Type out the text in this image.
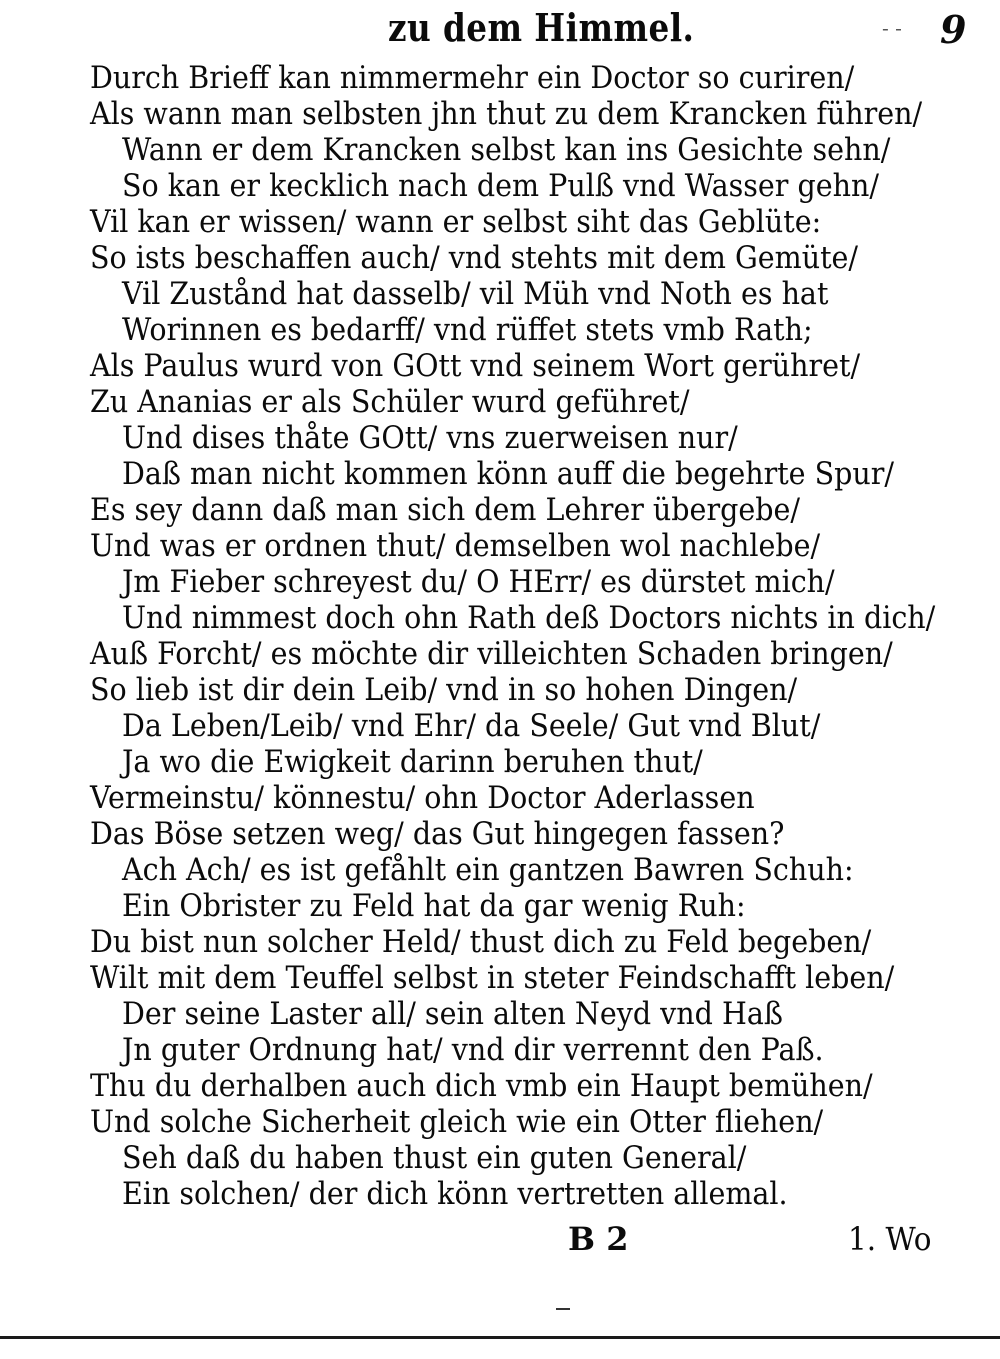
zu dem Himmel.	- - 9
Durch Brieff kan nimmermehr ein Doctor so curiren/
Als wann man selbsten jhn thut zu dem Krancken führen/
Wann er dem Krancken selbst kan ins Gesichte sehn/
So kan er kecklich nach dem Pulß vnd Wasser gehn/
Vil kan er wissen/ wann er selbst siht das Geblüte:
So ists beschaffen auch/ vnd stehts mit dem Gemüte/
Vil Zustånd hat dasselb/ vil Müh vnd Noth es hat
Worinnen es bedarff/ vnd rüffet stets vmb Rath;
Als Paulus wurd von GOtt vnd seinem Wort gerühret/
Zu Ananias er als Schüler wurd geführet/
Und dises thåte GOtt/ vns zuerweisen nur/
Daß man nicht kommen könn auff die begehrte Spur/
Es sey dann daß man sich dem Lehrer übergebe/
Und was er ordnen thut/ demselben wol nachlebe/
Jm Fieber schreyest du/ O HErr/ es dürstet mich/
Und nimmest doch ohn Rath deß Doctors nichts in dich/
Auß Forcht/ es möchte dir villeichten Schaden bringen/
So lieb ist dir dein Leib/ vnd in so hohen Dingen/
Da Leben/Leib/ vnd Ehr/ da Seele/ Gut vnd Blut/
Ja wo die Ewigkeit darinn beruhen thut/
Vermeinstu/ könnestu/ ohn Doctor Aderlassen
Das Böse setzen weg/ das Gut hingegen fassen?
Ach Ach/ es ist gefåhlt ein gantzen Bawren Schuh:
Ein Obrister zu Feld hat da gar wenig Ruh:
Du bist nun solcher Held/ thust dich zu Feld begeben/
Wilt mit dem Teuffel selbst in steter Feindschafft leben/
Der seine Laster all/ sein alten Neyd vnd Haß
Jn guter Ordnung hat/ vnd dir verrennt den Paß.
Thu du derhalben auch dich vmb ein Haupt bemühen/
Und solche Sicherheit gleich wie ein Otter fliehen/
Seh daß du haben thust ein guten General/
Ein solchen/ der dich könn vertretten allemal.
B 2	1. Wo
